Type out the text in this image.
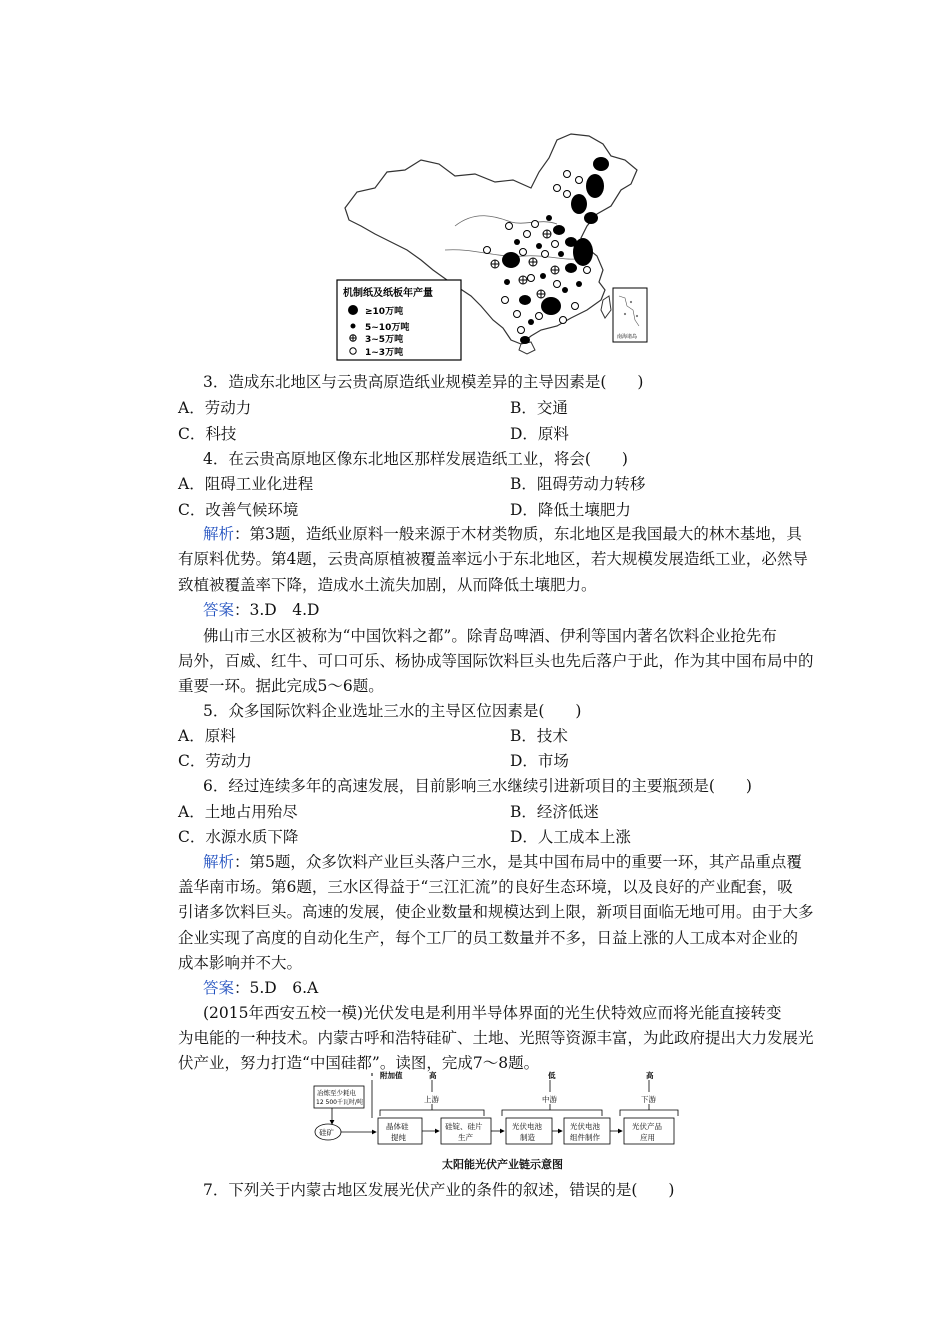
机制纸及纸板年产量
≥10万吨
5~10万吨
3~5万吨
1~3万吨
南海诸岛
3．造成东北地区与云贵高原造纸业规模差异的主导因素是(　　)
A．劳动力	B．交通
C．科技	D．原料
4．在云贵高原地区像东北地区那样发展造纸工业，将会(　　)
A．阻碍工业化进程	B．阻碍劳动力转移
C．改善气候环境	D．降低土壤肥力
解析：第3题，造纸业原料一般来源于木材类物质，东北地区是我国最大的林木基地，具
有原料优势。第4题，云贵高原植被覆盖率远小于东北地区，若大规模发展造纸工业，必然导
致植被覆盖率下降，造成水土流失加剧，从而降低土壤肥力。
答案：3.D　4.D
佛山市三水区被称为“中国饮料之都”。除青岛啤酒、伊利等国内著名饮料企业抢先布
局外，百威、红牛、可口可乐、杨协成等国际饮料巨头也先后落户于此，作为其中国布局中的
重要一环。据此完成5～6题。
5．众多国际饮料企业选址三水的主导区位因素是(　　)
A．原料	B．技术
C．劳动力	D．市场
6．经过连续多年的高速发展，目前影响三水继续引进新项目的主要瓶颈是(　　)
A．土地占用殆尽	B．经济低迷
C．水源水质下降	D．人工成本上涨
解析：第5题，众多饮料产业巨头落户三水，是其中国布局中的重要一环，其产品重点覆
盖华南市场。第6题，三水区得益于“三江汇流”的良好生态环境，以及良好的产业配套，吸
引诸多饮料巨头。高速的发展，使企业数量和规模达到上限，新项目面临无地可用。由于大多
企业实现了高度的自动化生产，每个工厂的员工数量并不多，日益上涨的人工成本对企业的
成本影响并不大。
答案：5.D　6.A
(2015年西安五校一模)光伏发电是利用半导体界面的光生伏特效应而将光能直接转变
为电能的一种技术。内蒙古呼和浩特硅矿、土地、光照等资源丰富，为此政府提出大力发展光
伏产业，努力打造“中国硅都”。读图，完成7～8题。
冶炼至少耗电
12 500千瓦时/吨
附加值	高	低	高
上游	中游	下游
硅矿
晶体硅
提纯
硅锭、硅片
生产
光伏电池
制造
光伏电池
组件制作
光伏产品
应用
太阳能光伏产业链示意图
7．下列关于内蒙古地区发展光伏产业的条件的叙述，错误的是(　　)
